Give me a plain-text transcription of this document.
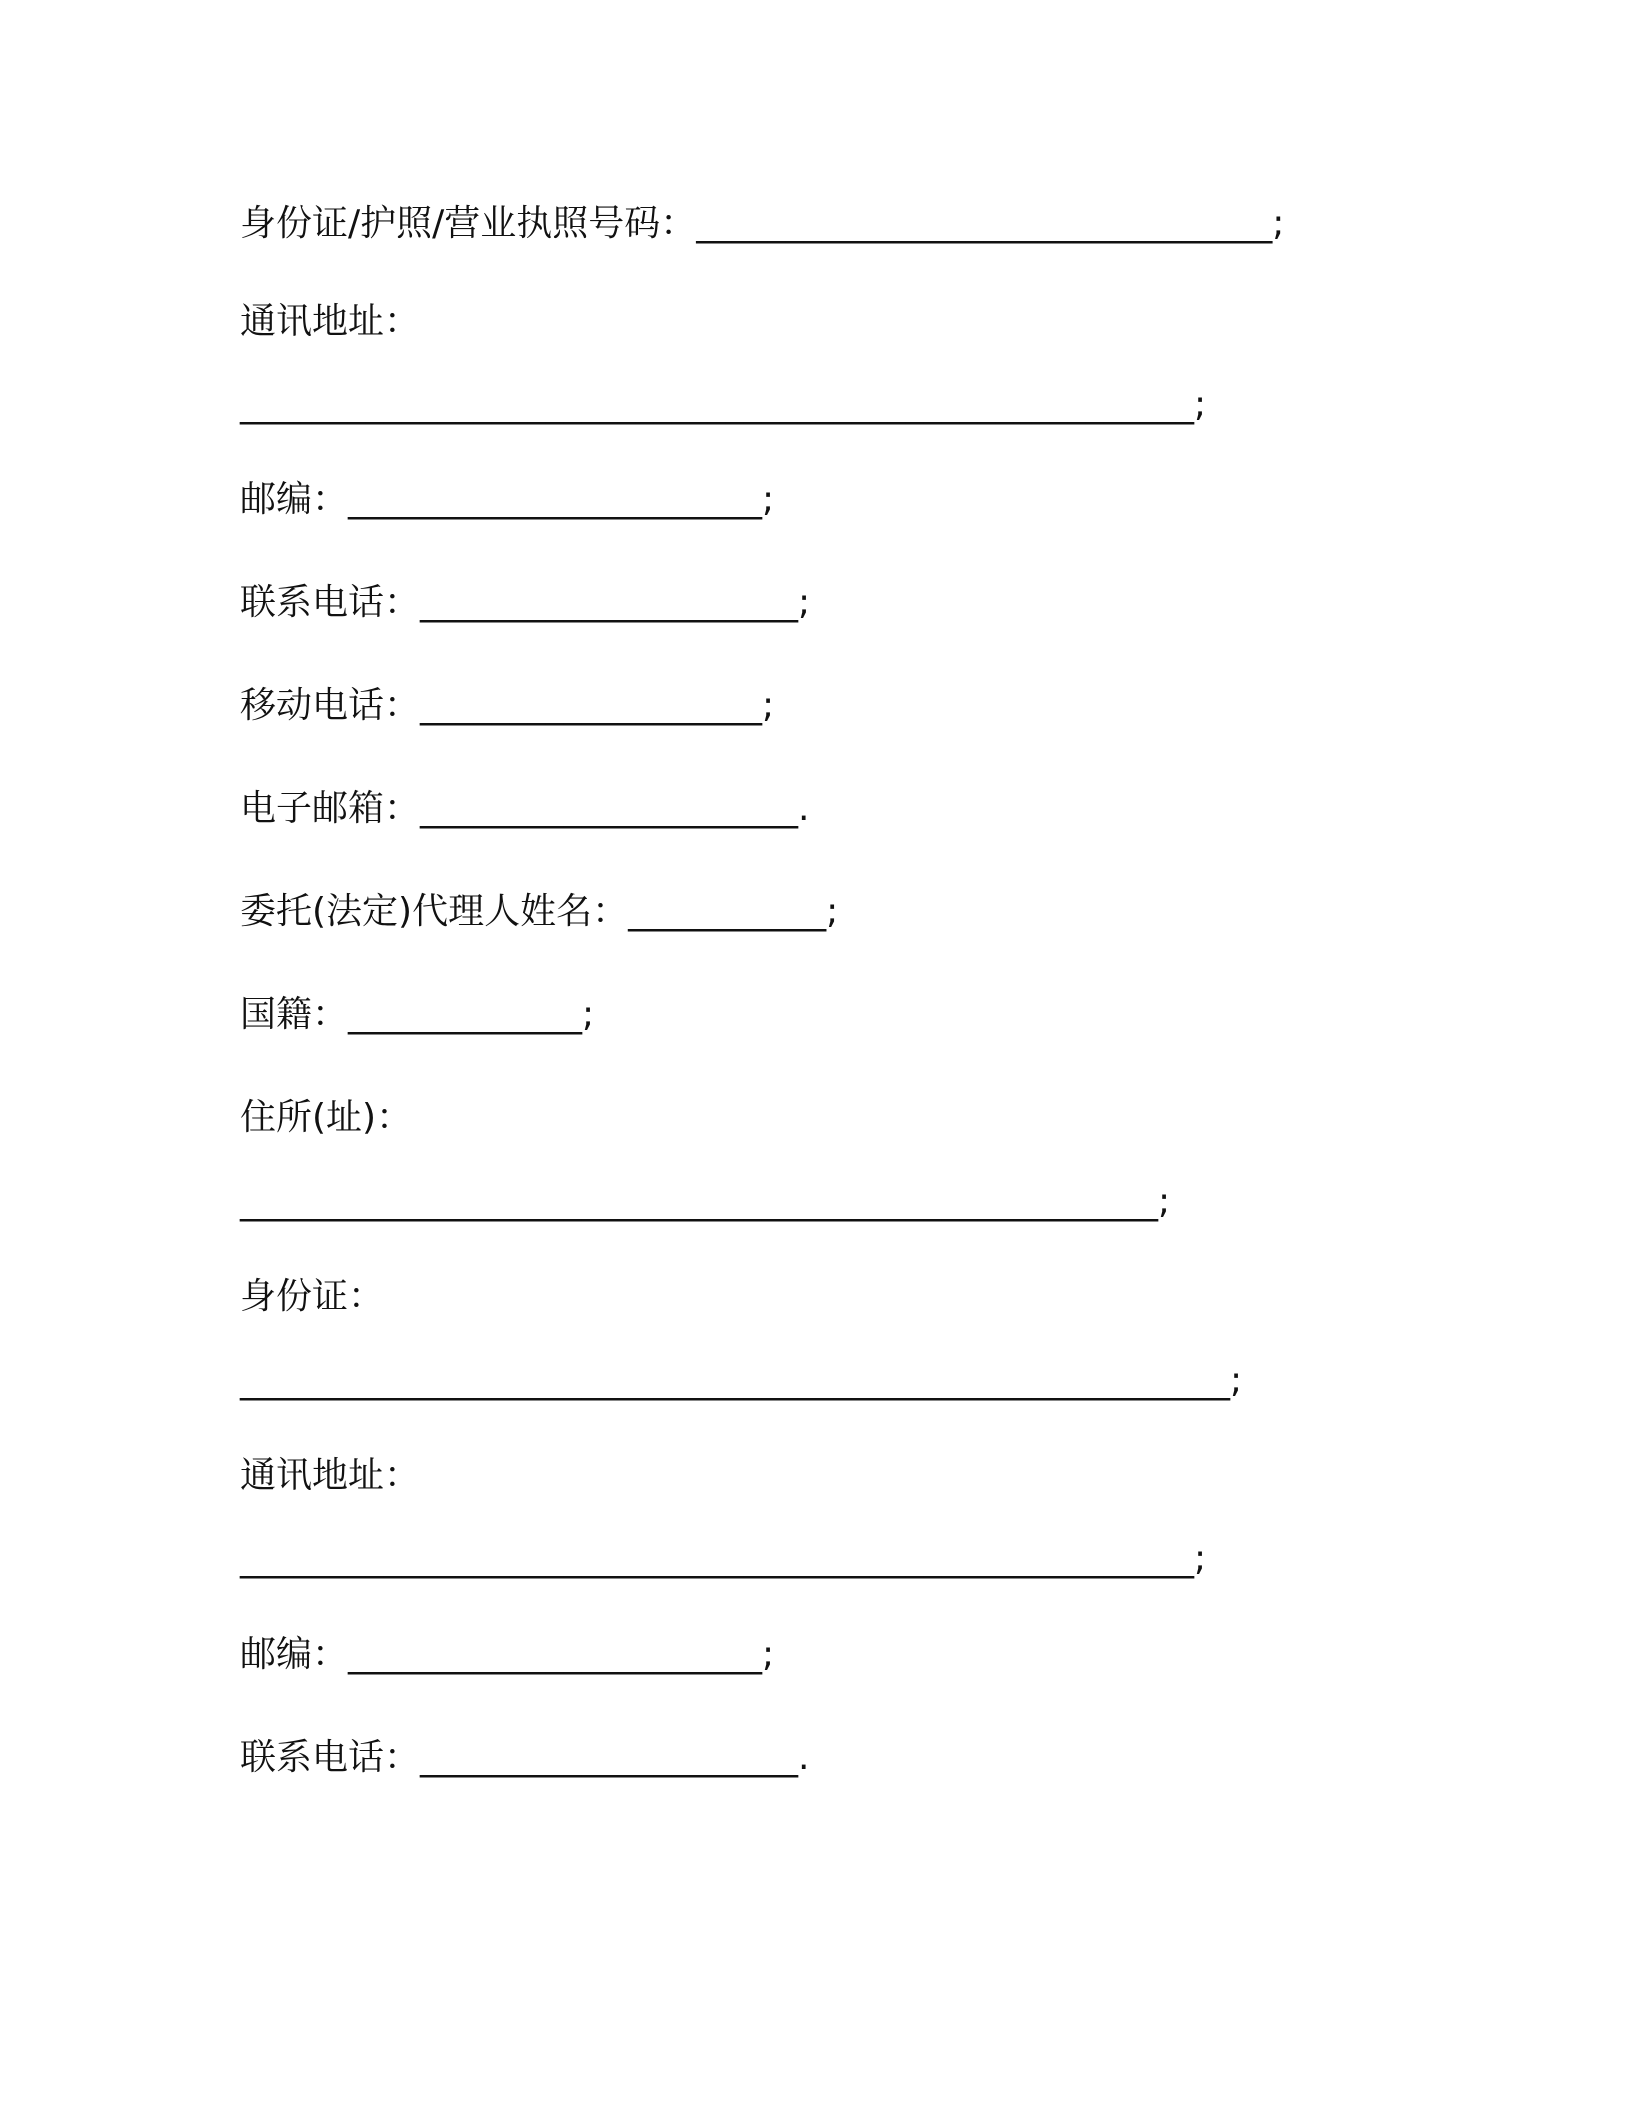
身份证/护照/营业执照号码：________________________________;
通讯地址：
_____________________________________________________;
邮编：_______________________;
联系电话：_____________________;
移动电话：___________________;
电子邮箱：_____________________.
委托(法定)代理人姓名：___________;
国籍：_____________;
住所(址)：
___________________________________________________;
身份证：
_______________________________________________________;
通讯地址：
_____________________________________________________;
邮编：_______________________;
联系电话：_____________________.
